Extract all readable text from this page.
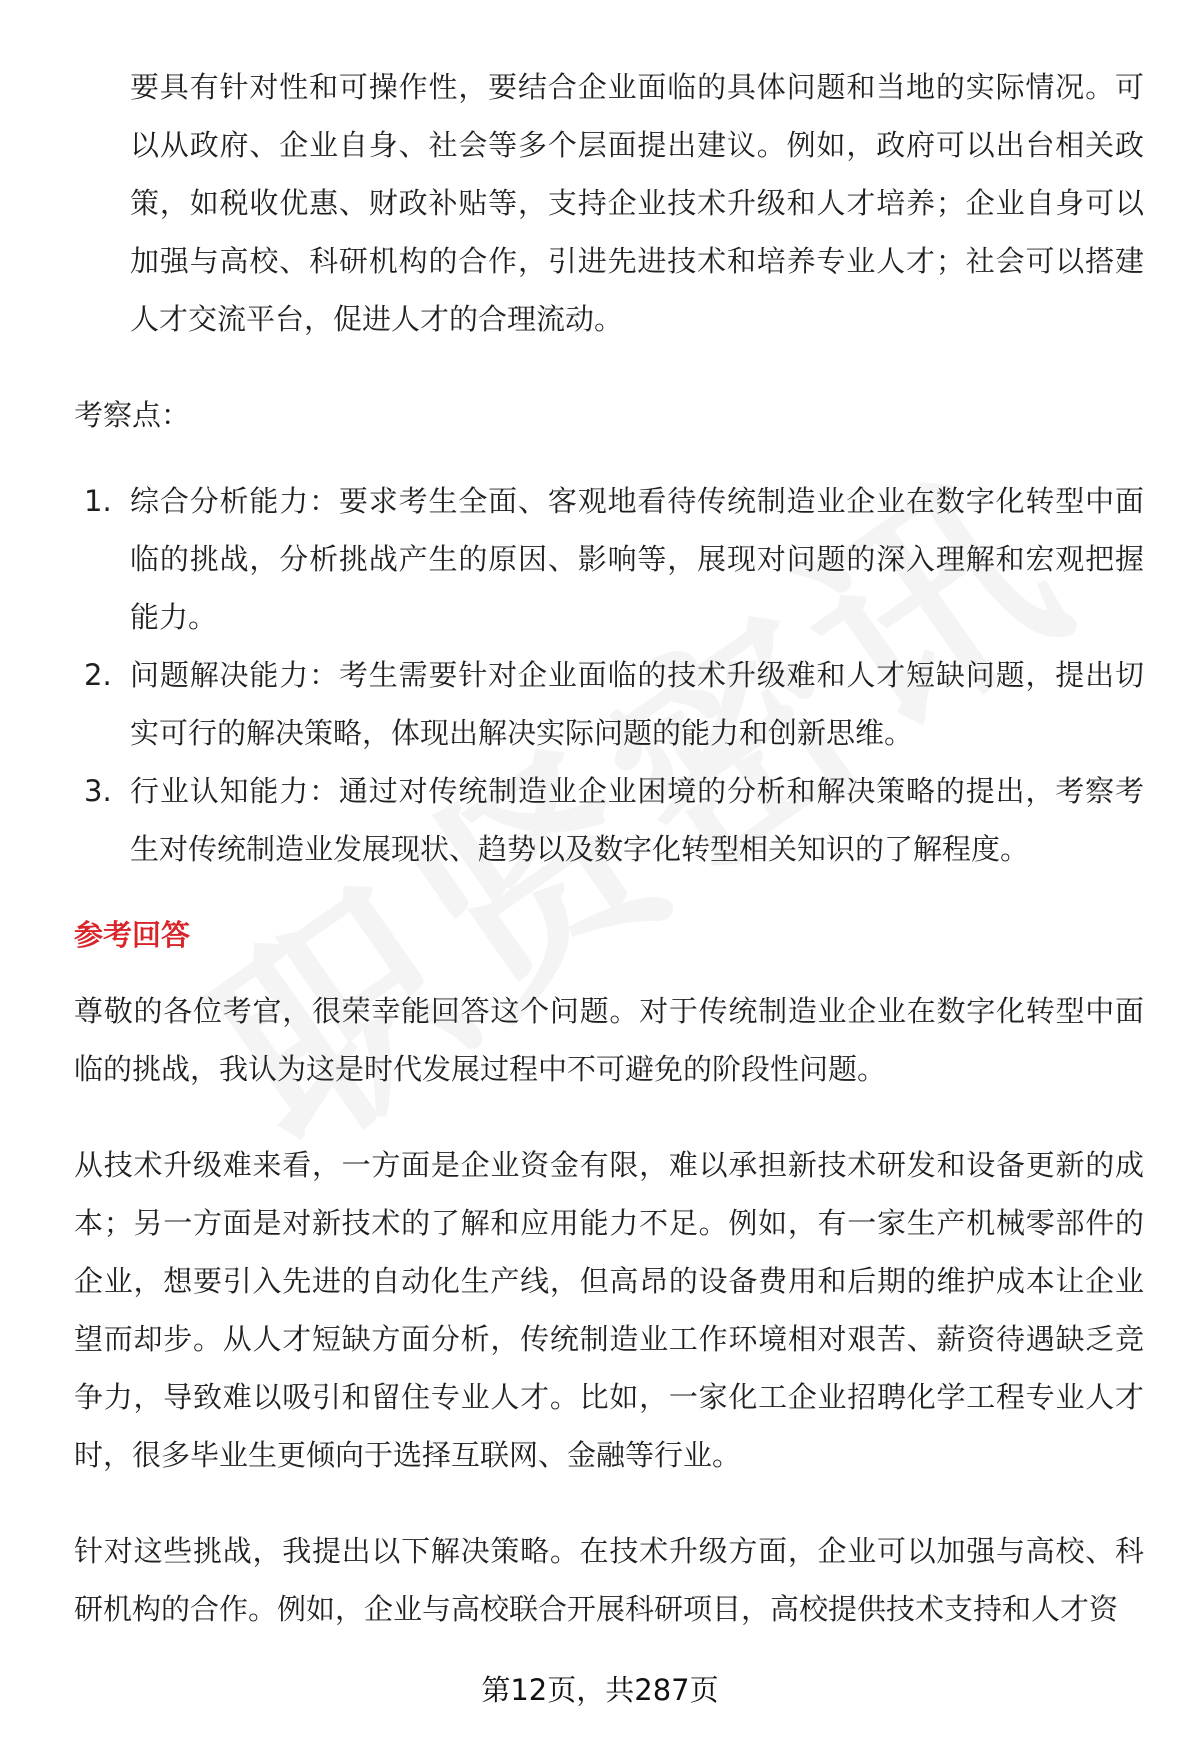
要具有针对性和可操作性，要结合企业面临的具体问题和当地的实际情况。可以从政府、企业自身、社会等多个层面提出建议。例如，政府可以出台相关政策，如税收优惠、财政补贴等，支持企业技术升级和人才培养；企业自身可以加强与高校、科研机构的合作，引进先进技术和培养专业人才；社会可以搭建人才交流平台，促进人才的合理流动。

考察点：
1. 综合分析能力：要求考生全面、客观地看待传统制造业企业在数字化转型中面临的挑战，分析挑战产生的原因、影响等，展现对问题的深入理解和宏观把握能力。
2. 问题解决能力：考生需要针对企业面临的技术升级难和人才短缺问题，提出切实可行的解决策略，体现出解决实际问题的能力和创新思维。
3. 行业认知能力：通过对传统制造业企业困境的分析和解决策略的提出，考察考生对传统制造业发展现状、趋势以及数字化转型相关知识的了解程度。
参考回答

尊敬的各位考官，很荣幸能回答这个问题。对于传统制造业企业在数字化转型中面临的挑战，我认为这是时代发展过程中不可避免的阶段性问题。

从技术升级难来看，一方面是企业资金有限，难以承担新技术研发和设备更新的成本；另一方面是对新技术的了解和应用能力不足。例如，有一家生产机械零部件的企业，想要引入先进的自动化生产线，但高昂的设备费用和后期的维护成本让企业望而却步。从人才短缺方面分析，传统制造业工作环境相对艰苦、薪资待遇缺乏竞争力，导致难以吸引和留住专业人才。比如，一家化工企业招聘化学工程专业人才时，很多毕业生更倾向于选择互联网、金融等行业。

针对这些挑战，我提出以下解决策略。在技术升级方面，企业可以加强与高校、科研机构的合作。例如，企业与高校联合开展科研项目，高校提供技术支持和人才资

第12页，共287页
